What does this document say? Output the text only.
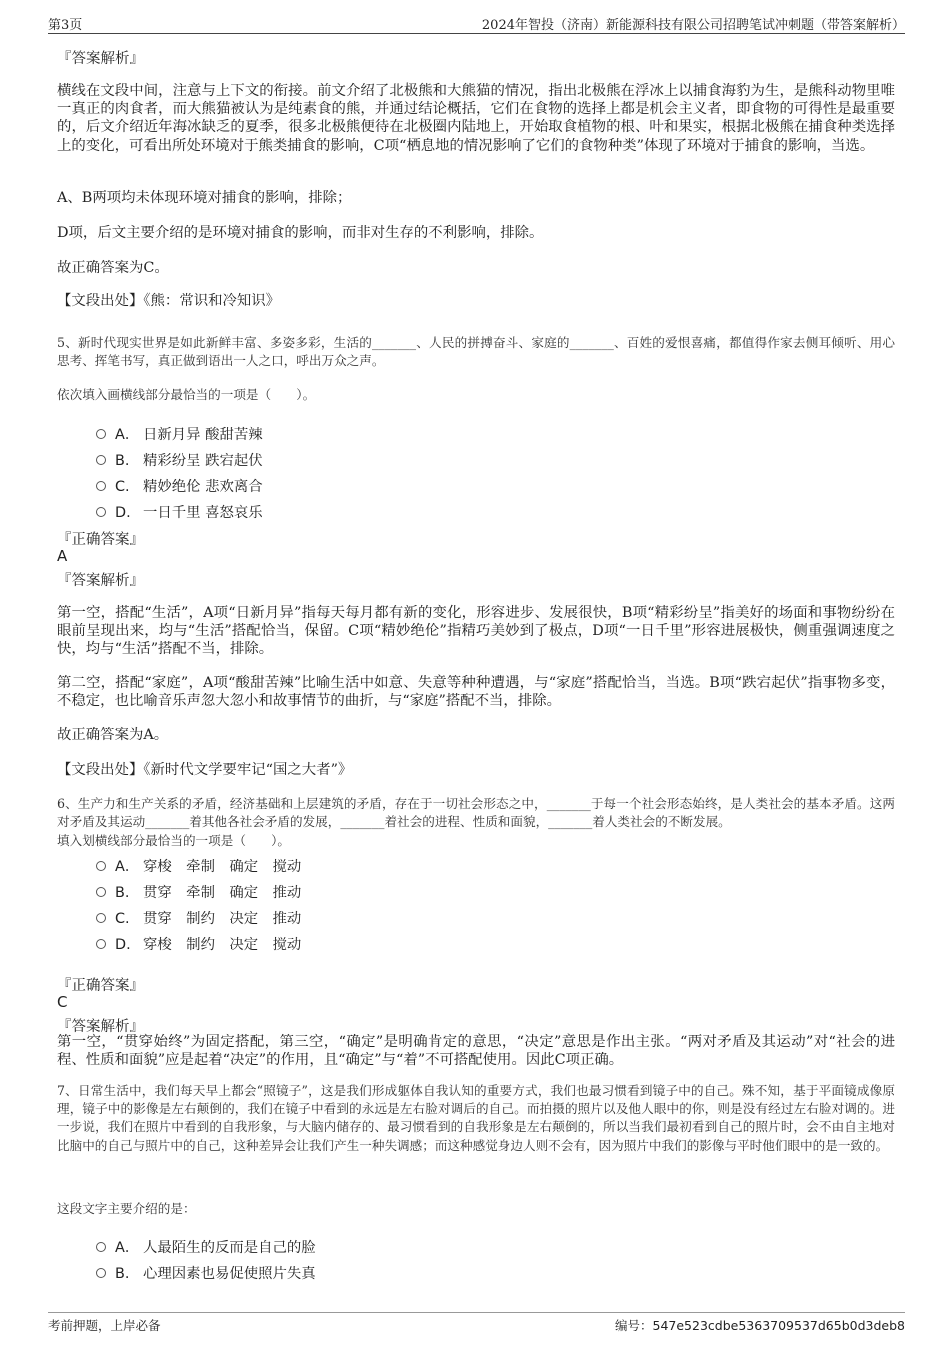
第3页	2024年智投（济南）新能源科技有限公司招聘笔试冲刺题（带答案解析）
『答案解析』

横线在文段中间，注意与上下文的衔接。前文介绍了北极熊和大熊猫的情况，指出北极熊在浮冰上以捕食海豹为生，是熊科动物里唯一真正的肉食者，而大熊猫被认为是纯素食的熊，并通过结论概括，它们在食物的选择上都是机会主义者，即食物的可得性是最重要的，后文介绍近年海冰缺乏的夏季，很多北极熊便待在北极圈内陆地上，开始取食植物的根、叶和果实，根据北极熊在捕食种类选择上的变化，可看出所处环境对于熊类捕食的影响，C项“栖息地的情况影响了它们的食物种类”体现了环境对于捕食的影响，当选。

A、B两项均未体现环境对捕食的影响，排除；
D项，后文主要介绍的是环境对捕食的影响，而非对生存的不利影响，排除。
故正确答案为C。
【文段出处】《熊：常识和冷知识》

5、新时代现实世界是如此新鲜丰富、多姿多彩，生活的_______、人民的拼搏奋斗、家庭的_______、百姓的爱恨喜痛，都值得作家去侧耳倾听、用心思考、挥笔书写，真正做到语出一人之口，呼出万众之声。

依次填入画横线部分最恰当的一项是（　　）。
A． 日新月异 酸甜苦辣
B. 精彩纷呈 跌宕起伏
C. 精妙绝伦 悲欢离合
D. 一日千里 喜怒哀乐
『正确答案』
A
『答案解析』

第一空，搭配“生活”，A项“日新月异”指每天每月都有新的变化，形容进步、发展很快，B项“精彩纷呈”指美好的场面和事物纷纷在眼前呈现出来，均与“生活”搭配恰当，保留。C项“精妙绝伦”指精巧美妙到了极点，D项“一日千里”形容进展极快，侧重强调速度之快，均与“生活”搭配不当，排除。

第二空，搭配“家庭”，A项“酸甜苦辣”比喻生活中如意、失意等种种遭遇，与“家庭”搭配恰当，当选。B项“跌宕起伏”指事物多变，不稳定，也比喻音乐声忽大忽小和故事情节的曲折，与“家庭”搭配不当，排除。

故正确答案为A。
【文段出处】《新时代文学要牢记“国之大者”》

6、生产力和生产关系的矛盾，经济基础和上层建筑的矛盾，存在于一切社会形态之中，_______于每一个社会形态始终，是人类社会的基本矛盾。这两对矛盾及其运动_______着其他各社会矛盾的发展，_______着社会的进程、性质和面貌，_______着人类社会的不断发展。

填入划横线部分最恰当的一项是（　　）。
A． 穿梭　牵制　确定　搅动
B. 贯穿　牵制　确定　推动
C. 贯穿　制约　决定　推动
D. 穿梭　制约　决定　搅动
『正确答案』
C
『答案解析』

第一空，“贯穿始终”为固定搭配，第三空，“确定”是明确肯定的意思，“决定”意思是作出主张。“两对矛盾及其运动”对“社会的进程、性质和面貌”应是起着“决定”的作用，且“确定”与“着”不可搭配使用。因此C项正确。

7、日常生活中，我们每天早上都会“照镜子”，这是我们形成躯体自我认知的重要方式，我们也最习惯看到镜子中的自己。殊不知，基于平面镜成像原理，镜子中的影像是左右颠倒的，我们在镜子中看到的永远是左右脸对调后的自己。而拍摄的照片以及他人眼中的你，则是没有经过左右脸对调的。进一步说，我们在照片中看到的自我形象，与大脑内储存的、最习惯看到的自我形象是左右颠倒的，所以当我们最初看到自己的照片时，会不由自主地对比脑中的自己与照片中的自己，这种差异会让我们产生一种失调感；而这种感觉身边人则不会有，因为照片中我们的影像与平时他们眼中的是一致的。

这段文字主要介绍的是：
A． 人最陌生的反而是自己的脸
B. 心理因素也易促使照片失真
考前押题，上岸必备	编号：547e523cdbe5363709537d65b0d3deb8
